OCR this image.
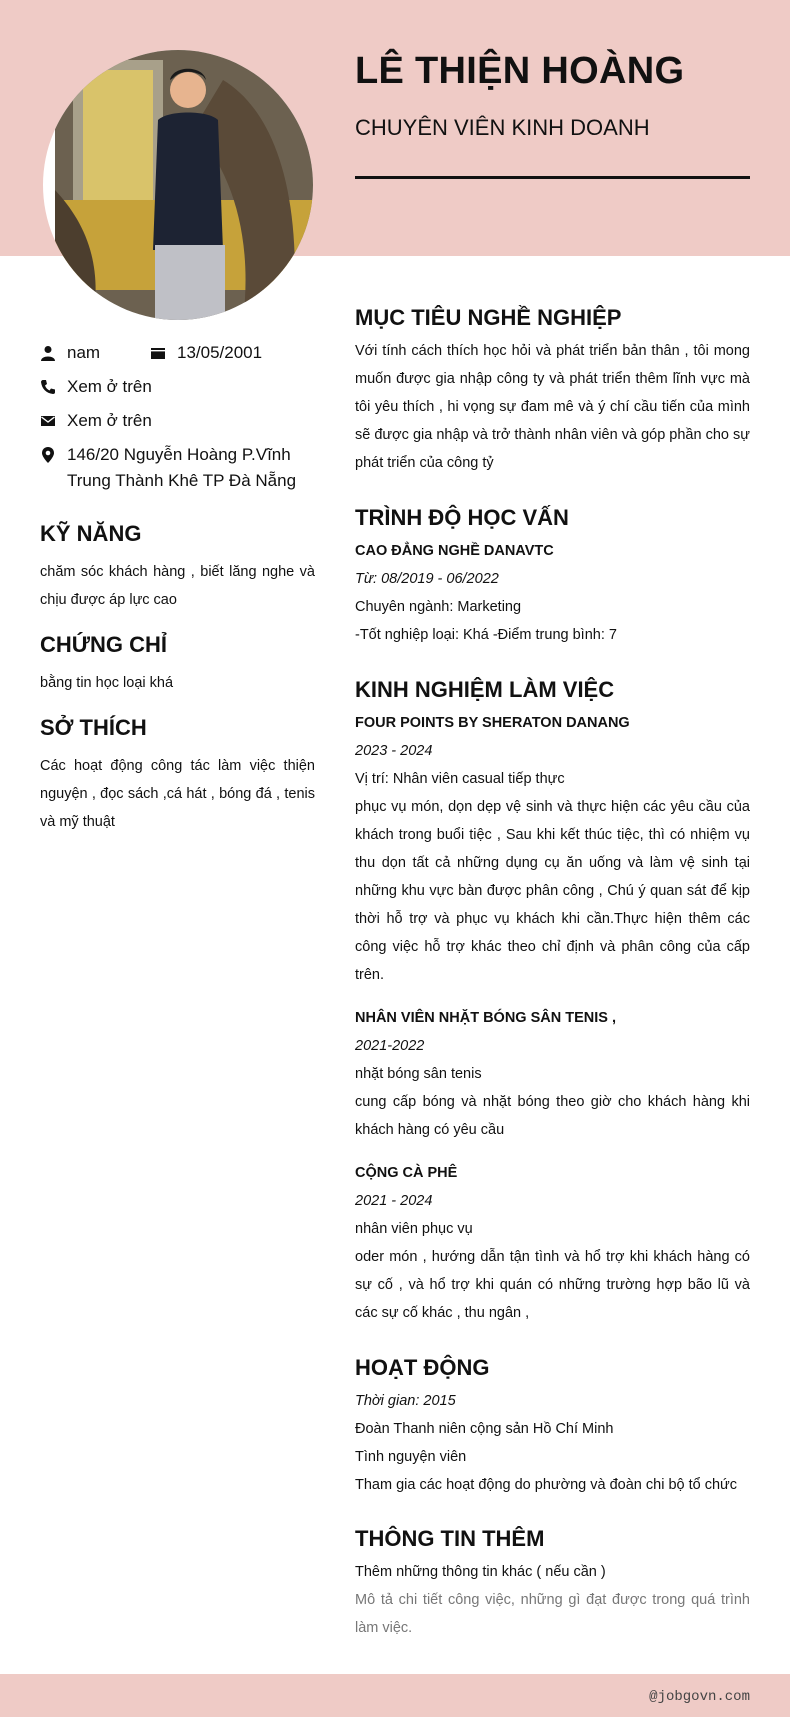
LÊ THIỆN HOÀNG
CHUYÊN VIÊN KINH DOANH
nam	13/05/2001
Xem ở trên
Xem ở trên
146/20 Nguyễn Hoàng P.Vĩnh
Trung Thành Khê TP Đà Nẵng
KỸ NĂNG
chăm sóc khách hàng , biết lăng nghe và chịu được áp lực cao
CHỨNG CHỈ
bằng tin học loại khá
SỞ THÍCH
Các hoạt động công tác làm việc thiện nguyện , đọc sách ,cá hát , bóng đá , tenis và mỹ thuật
MỤC TIÊU NGHỀ NGHIỆP
Với tính cách thích học hỏi và phát triển bản thân , tôi mong muốn được gia nhập công ty và phát triển thêm lĩnh vực mà tôi yêu thích , hi vọng sự đam mê và ý chí cầu tiến của mình sẽ được gia nhập và trở thành nhân viên và góp phần cho sự phát triển của công tỷ
TRÌNH ĐỘ HỌC VẤN
CAO ĐẲNG NGHỀ DANAVTC
Từ: 08/2019 - 06/2022
Chuyên ngành: Marketing
-Tốt nghiệp loại: Khá -Điểm trung bình: 7
KINH NGHIỆM LÀM VIỆC
FOUR POINTS BY SHERATON DANANG
2023 - 2024
Vị trí: Nhân viên casual tiếp thực
phục vụ món, dọn dẹp vệ sinh và thực hiện các yêu cầu của khách trong buổi tiệc , Sau khi kết thúc tiệc, thì có nhiệm vụ thu dọn tất cả những dụng cụ ăn uống và làm vệ sinh tại những khu vực bàn được phân công , Chú ý quan sát để kịp thời hỗ trợ và phục vụ khách khi cần.Thực hiện thêm các công việc hỗ trợ khác theo chỉ định và phân công của cấp trên.
NHÂN VIÊN NHẶT BÓNG SÂN TENIS ,
2021-2022
nhặt bóng sân tenis
cung cấp bóng và nhặt bóng theo giờ cho khách hàng khi khách hàng có yêu cầu
CỘNG CÀ PHÊ
2021 - 2024
nhân viên phục vụ
oder món , hướng dẫn tận tình và hổ trợ khi khách hàng có sự cố , và hổ trợ khi quán có những trường hợp bão lũ và các sự cố khác , thu ngân ,
HOẠT ĐỘNG
Thời gian: 2015
Đoàn Thanh niên cộng sản Hồ Chí Minh
Tình nguyện viên
Tham gia các hoạt động do phường và đoàn chi bộ tổ chức
THÔNG TIN THÊM
Thêm những thông tin khác ( nếu cần )
Mô tả chi tiết công việc, những gì đạt được trong quá trình làm việc.
@jobgovn.com
